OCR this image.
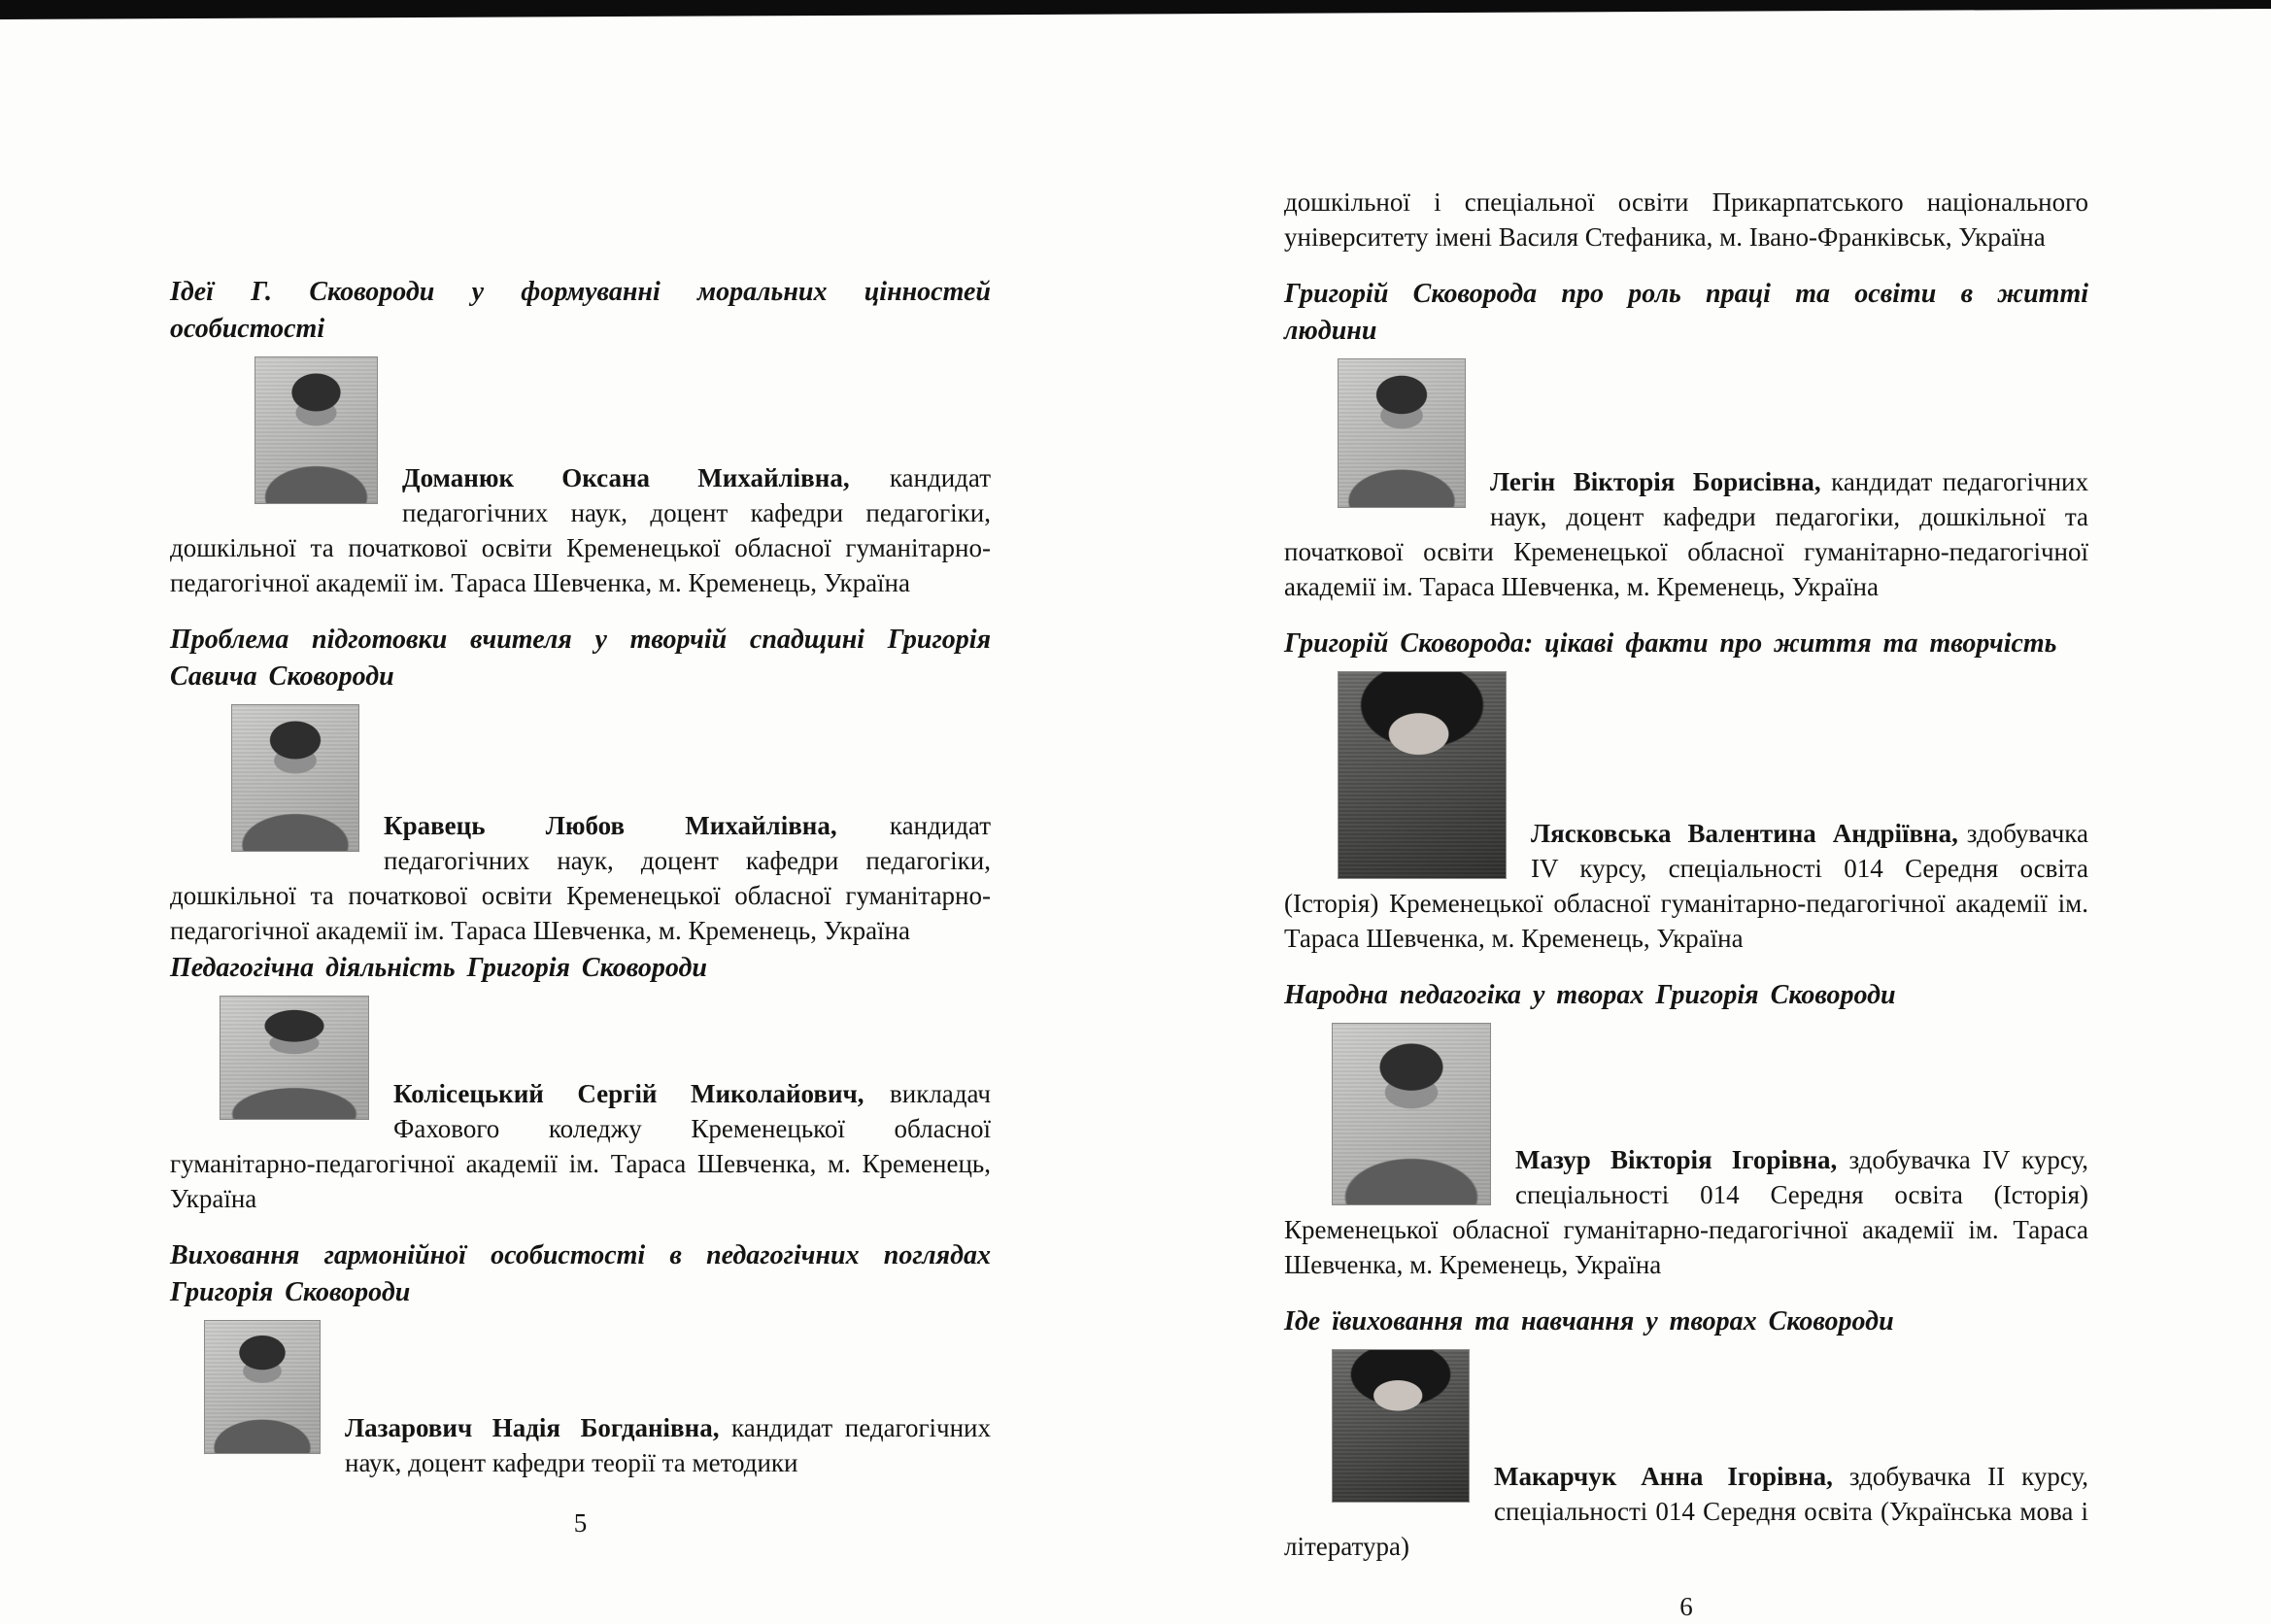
Ідеї Г. Сковороди у формуванні моральних цінностей особистості

Доманюк Оксана Михайлівна, кандидат педагогічних наук, доцент кафедри педагогіки, дошкільної та початкової освіти Кременецької обласної гуманітарно-педагогічної академії ім. Тараса Шевченка, м. Кременець, Україна

Проблема підготовки вчителя у творчій спадщині Григорія Савича Сковороди

Кравець Любов Михайлівна, кандидат педагогічних наук, доцент кафедри педагогіки, дошкільної та початкової освіти Кременецької обласної гуманітарно-педагогічної академії ім. Тараса Шевченка, м. Кременець, Україна

Педагогічна діяльність Григорія Сковороди

Колісецький Сергій Миколайович, викладач Фахового коледжу Кременецької обласної гуманітарно-педагогічної академії ім. Тараса Шевченка, м. Кременець, Україна

Виховання гармонійної особистості в педагогічних поглядах Григорія Сковороди

Лазарович Надія Богданівна, кандидат педагогічних наук, доцент кафедри теорії та методики

5

дошкільної і спеціальної освіти Прикарпатського національного університету імені Василя Стефаника, м. Івано-Франківськ, Україна

Григорій Сковорода про роль праці та освіти в житті людини

Легін Вікторія Борисівна, кандидат педагогічних наук, доцент кафедри педагогіки, дошкільної та початкової освіти Кременецької обласної гуманітарно-педагогічної академії ім. Тараса Шевченка, м. Кременець, Україна

Григорій Сковорода: цікаві факти про життя та творчість

Лясковська Валентина Андріївна, здобувачка IV курсу, спеціальності 014 Середня освіта (Історія) Кременецької обласної гуманітарно-педагогічної академії ім. Тараса Шевченка, м. Кременець, Україна

Народна педагогіка у творах Григорія Сковороди

Мазур Вікторія Ігорівна, здобувачка IV курсу, спеціальності 014 Середня освіта (Історія) Кременецької обласної гуманітарно-педагогічної академії ім. Тараса Шевченка, м. Кременець, Україна

Іде ївиховання та навчання у творах Сковороди

Макарчук Анна Ігорівна, здобувачка ІІ курсу, спеціальності 014 Середня освіта (Українська мова і література)

6
